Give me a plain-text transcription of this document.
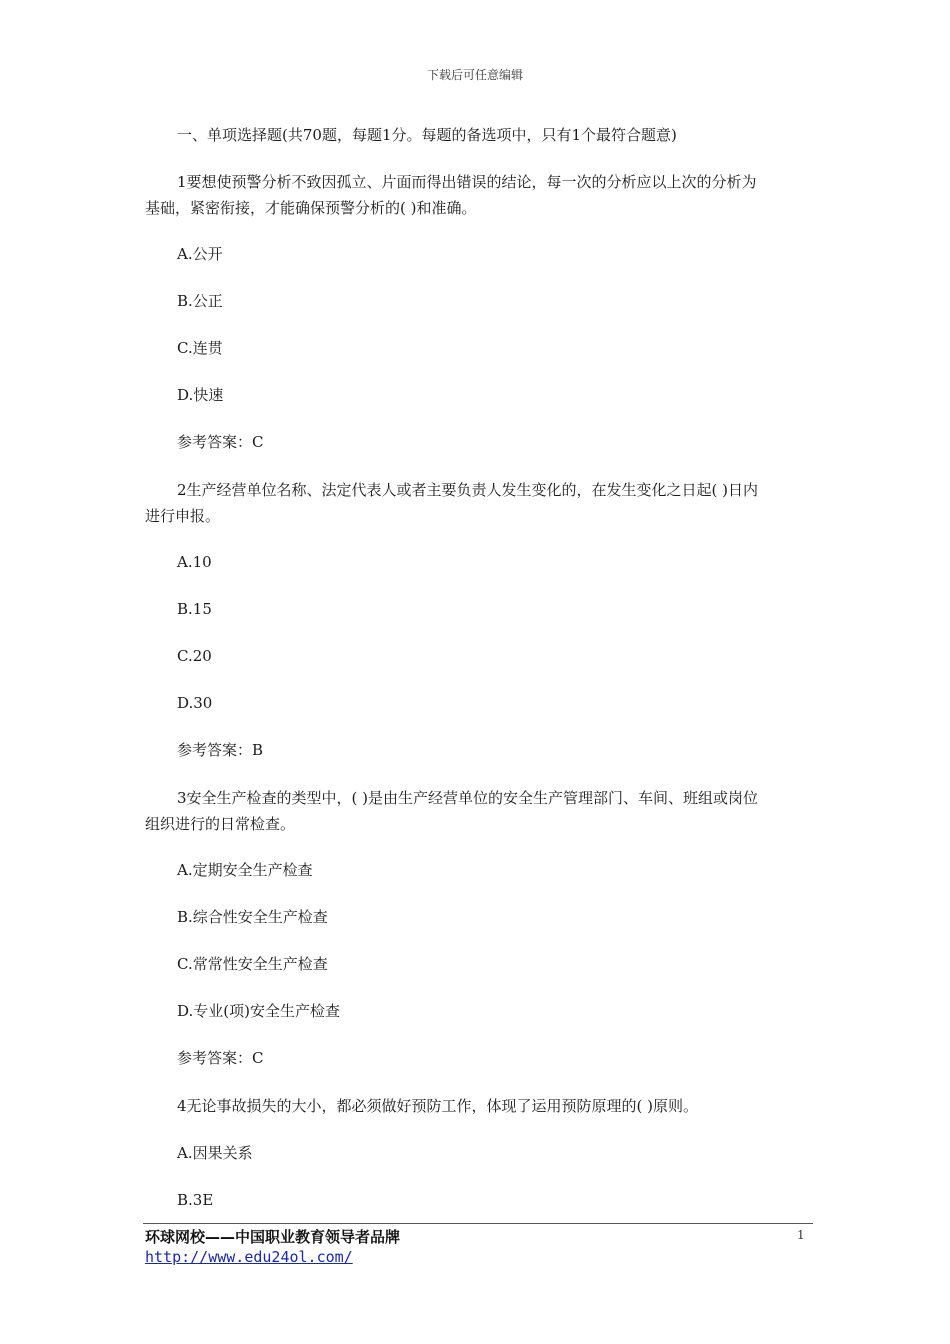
下载后可任意编辑
一、单项选择题(共70题，每题1分。每题的备选项中，只有1个最符合题意)
1要想使预警分析不致因孤立、片面而得出错误的结论，每一次的分析应以上次的分析为基础，紧密衔接，才能确保预警分析的( )和准确。
A.公开
B.公正
C.连贯
D.快速
参考答案：C
2生产经营单位名称、法定代表人或者主要负责人发生变化的，在发生变化之日起( )日内进行申报。
A.10
B.15
C.20
D.30
参考答案：B
3安全生产检查的类型中，( )是由生产经营单位的安全生产管理部门、车间、班组或岗位组织进行的日常检查。
A.定期安全生产检查
B.综合性安全生产检查
C.常常性安全生产检查
D.专业(项)安全生产检查
参考答案：C
4无论事故损失的大小，都必须做好预防工作，体现了运用预防原理的( )原则。
A.因果关系
B.3E
环球网校——中国职业教育领导者品牌
http://www.edu24ol.com/
1
